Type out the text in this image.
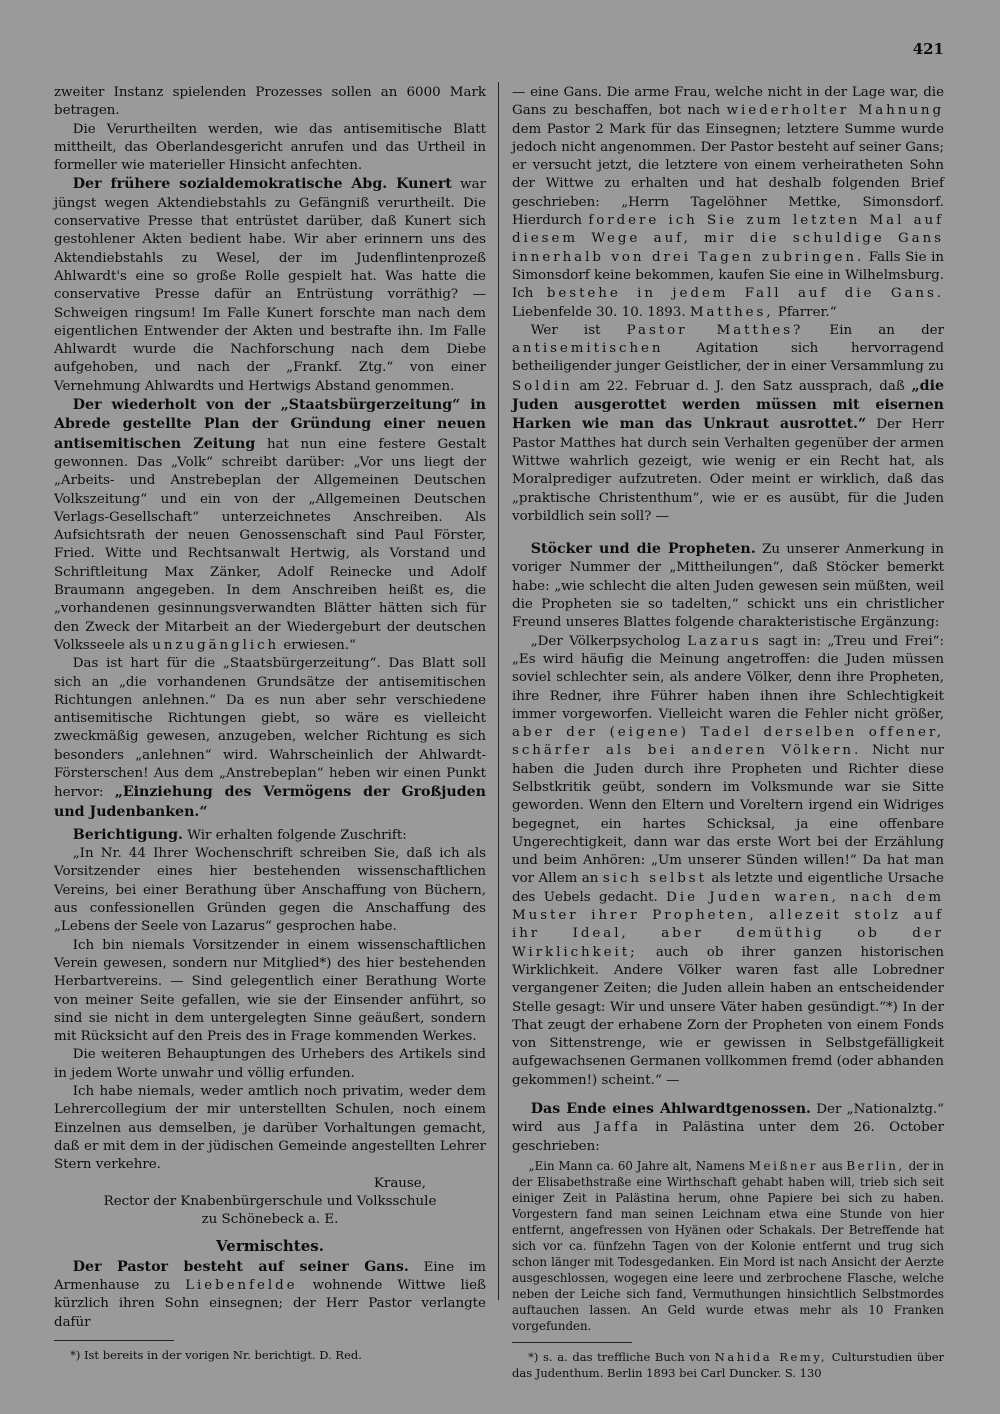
421

zweiter Instanz spielenden Prozesses sollen an 6000 Mark betragen.

Die Verurtheilten werden, wie das antisemitische Blatt mittheilt, das Oberlandesgericht anrufen und das Urtheil in formeller wie materieller Hinsicht anfechten.

Der frühere sozialdemokratische Abg. Kunert war jüngst wegen Aktendiebstahls zu Gefängniß verurtheilt. Die conservative Presse that entrüstet darüber, daß Kunert sich gestohlener Akten bedient habe. Wir aber erinnern uns des Aktendiebstahls zu Wesel, der im Judenflintenprozeß Ahlwardt's eine so große Rolle gespielt hat. Was hatte die conservative Presse dafür an Entrüstung vorräthig? — Schweigen ringsum! Im Falle Kunert forschte man nach dem eigentlichen Entwender der Akten und bestrafte ihn. Im Falle Ahlwardt wurde die Nachforschung nach dem Diebe aufgehoben, und nach der „Frankf. Ztg.“ von einer Vernehmung Ahlwardts und Hertwigs Abstand genommen.

Der wiederholt von der „Staatsbürgerzeitung“ in Abrede gestellte Plan der Gründung einer neuen antisemitischen Zeitung hat nun eine festere Gestalt gewonnen. Das „Volk“ schreibt darüber: „Vor uns liegt der „Arbeits- und Anstrebeplan der Allgemeinen Deutschen Volkszeitung“ und ein von der „Allgemeinen Deutschen Verlags-Gesellschaft“ unterzeichnetes Anschreiben. Als Aufsichtsrath der neuen Genossenschaft sind Paul Förster, Fried. Witte und Rechtsanwalt Hertwig, als Vorstand und Schriftleitung Max Zänker, Adolf Reinecke und Adolf Braumann angegeben. In dem Anschreiben heißt es, die „vorhandenen gesinnungsverwandten Blätter hätten sich für den Zweck der Mitarbeit an der Wiedergeburt der deutschen Volksseele als unzugänglich erwiesen.“

Das ist hart für die „Staatsbürgerzeitung“. Das Blatt soll sich an „die vorhandenen Grundsätze der antisemitischen Richtungen anlehnen.“ Da es nun aber sehr verschiedene antisemitische Richtungen giebt, so wäre es vielleicht zweckmäßig gewesen, anzugeben, welcher Richtung es sich besonders „anlehnen“ wird. Wahrscheinlich der Ahlwardt-Försterschen! Aus dem „Anstrebeplan“ heben wir einen Punkt hervor: „Einziehung des Vermögens der Großjuden und Judenbanken.“

Berichtigung. Wir erhalten folgende Zuschrift:

„In Nr. 44 Ihrer Wochenschrift schreiben Sie, daß ich als Vorsitzender eines hier bestehenden wissenschaftlichen Vereins, bei einer Berathung über Anschaffung von Büchern, aus confessionellen Gründen gegen die Anschaffung des „Lebens der Seele von Lazarus“ gesprochen habe.

Ich bin niemals Vorsitzender in einem wissenschaftlichen Verein gewesen, sondern nur Mitglied*) des hier bestehenden Herbartvereins. — Sind gelegentlich einer Berathung Worte von meiner Seite gefallen, wie sie der Einsender anführt, so sind sie nicht in dem untergelegten Sinne geäußert, sondern mit Rücksicht auf den Preis des in Frage kommenden Werkes.

Die weiteren Behauptungen des Urhebers des Artikels sind in jedem Worte unwahr und völlig erfunden.

Ich habe niemals, weder amtlich noch privatim, weder dem Lehrercollegium der mir unterstellten Schulen, noch einem Einzelnen aus demselben, je darüber Vorhaltungen gemacht, daß er mit dem in der jüdischen Gemeinde angestellten Lehrer Stern verkehre.

Krause,

Rector der Knabenbürgerschule und Volksschule

zu Schönebeck a. E.

Vermischtes.

Der Pastor besteht auf seiner Gans. Eine im Armenhause zu Liebenfelde wohnende Wittwe ließ kürzlich ihren Sohn einsegnen; der Herr Pastor verlangte dafür

*) Ist bereits in der vorigen Nr. berichtigt. D. Red.

— eine Gans. Die arme Frau, welche nicht in der Lage war, die Gans zu beschaffen, bot nach wiederholter Mahnung dem Pastor 2 Mark für das Einsegnen; letztere Summe wurde jedoch nicht angenommen. Der Pastor besteht auf seiner Gans; er versucht jetzt, die letztere von einem verheiratheten Sohn der Wittwe zu erhalten und hat deshalb folgenden Brief geschrieben: „Herrn Tagelöhner Mettke, Simonsdorf. Hierdurch fordere ich Sie zum letzten Mal auf diesem Wege auf, mir die schuldige Gans innerhalb von drei Tagen zubringen. Falls Sie in Simonsdorf keine bekommen, kaufen Sie eine in Wilhelmsburg. Ich bestehe in jedem Fall auf die Gans. Liebenfelde 30. 10. 1893. Matthes, Pfarrer.“

Wer ist Pastor Matthes? Ein an der antisemitischen Agitation sich hervorragend betheiligender junger Geistlicher, der in einer Versammlung zu Soldin am 22. Februar d. J. den Satz aussprach, daß „die Juden ausgerottet werden müssen mit eisernen Harken wie man das Unkraut ausrottet.“ Der Herr Pastor Matthes hat durch sein Verhalten gegenüber der armen Wittwe wahrlich gezeigt, wie wenig er ein Recht hat, als Moralprediger aufzutreten. Oder meint er wirklich, daß das „praktische Christenthum“, wie er es ausübt, für die Juden vorbildlich sein soll? —

Stöcker und die Propheten. Zu unserer Anmerkung in voriger Nummer der „Mittheilungen“, daß Stöcker bemerkt habe: „wie schlecht die alten Juden gewesen sein müßten, weil die Propheten sie so tadelten,“ schickt uns ein christlicher Freund unseres Blattes folgende charakteristische Ergänzung:

„Der Völkerpsycholog Lazarus sagt in: „Treu und Frei“: „Es wird häufig die Meinung angetroffen: die Juden müssen soviel schlechter sein, als andere Völker, denn ihre Propheten, ihre Redner, ihre Führer haben ihnen ihre Schlechtigkeit immer vorgeworfen. Vielleicht waren die Fehler nicht größer, aber der (eigene) Tadel derselben offener, schärfer als bei anderen Völkern. Nicht nur haben die Juden durch ihre Propheten und Richter diese Selbstkritik geübt, sondern im Volksmunde war sie Sitte geworden. Wenn den Eltern und Voreltern irgend ein Widriges begegnet, ein hartes Schicksal, ja eine offenbare Ungerechtigkeit, dann war das erste Wort bei der Erzählung und beim Anhören: „Um unserer Sünden willen!“ Da hat man vor Allem an sich selbst als letzte und eigentliche Ursache des Uebels gedacht. Die Juden waren, nach dem Muster ihrer Propheten, allezeit stolz auf ihr Ideal, aber demüthig ob der Wirklichkeit; auch ob ihrer ganzen historischen Wirklichkeit. Andere Völker waren fast alle Lobredner vergangener Zeiten; die Juden allein haben an entscheidender Stelle gesagt: Wir und unsere Väter haben gesündigt.“*) In der That zeugt der erhabene Zorn der Propheten von einem Fonds von Sittenstrenge, wie er gewissen in Selbstgefälligkeit aufgewachsenen Germanen vollkommen fremd (oder abhanden gekommen!) scheint.“ —

Das Ende eines Ahlwardtgenossen. Der „Nationalztg.“ wird aus Jaffa in Palästina unter dem 26. October geschrieben:

„Ein Mann ca. 60 Jahre alt, Namens Meißner aus Berlin, der in der Elisabethstraße eine Wirthschaft gehabt haben will, trieb sich seit einiger Zeit in Palästina herum, ohne Papiere bei sich zu haben. Vorgestern fand man seinen Leichnam etwa eine Stunde von hier entfernt, angefressen von Hyänen oder Schakals. Der Betreffende hat sich vor ca. fünfzehn Tagen von der Kolonie entfernt und trug sich schon länger mit Todesgedanken. Ein Mord ist nach Ansicht der Aerzte ausgeschlossen, wogegen eine leere und zerbrochene Flasche, welche neben der Leiche sich fand, Vermuthungen hinsichtlich Selbstmordes auftauchen lassen. An Geld wurde etwas mehr als 10 Franken vorgefunden.

*) s. a. das treffliche Buch von Nahida Remy, Culturstudien über das Judenthum. Berlin 1893 bei Carl Duncker. S. 130
